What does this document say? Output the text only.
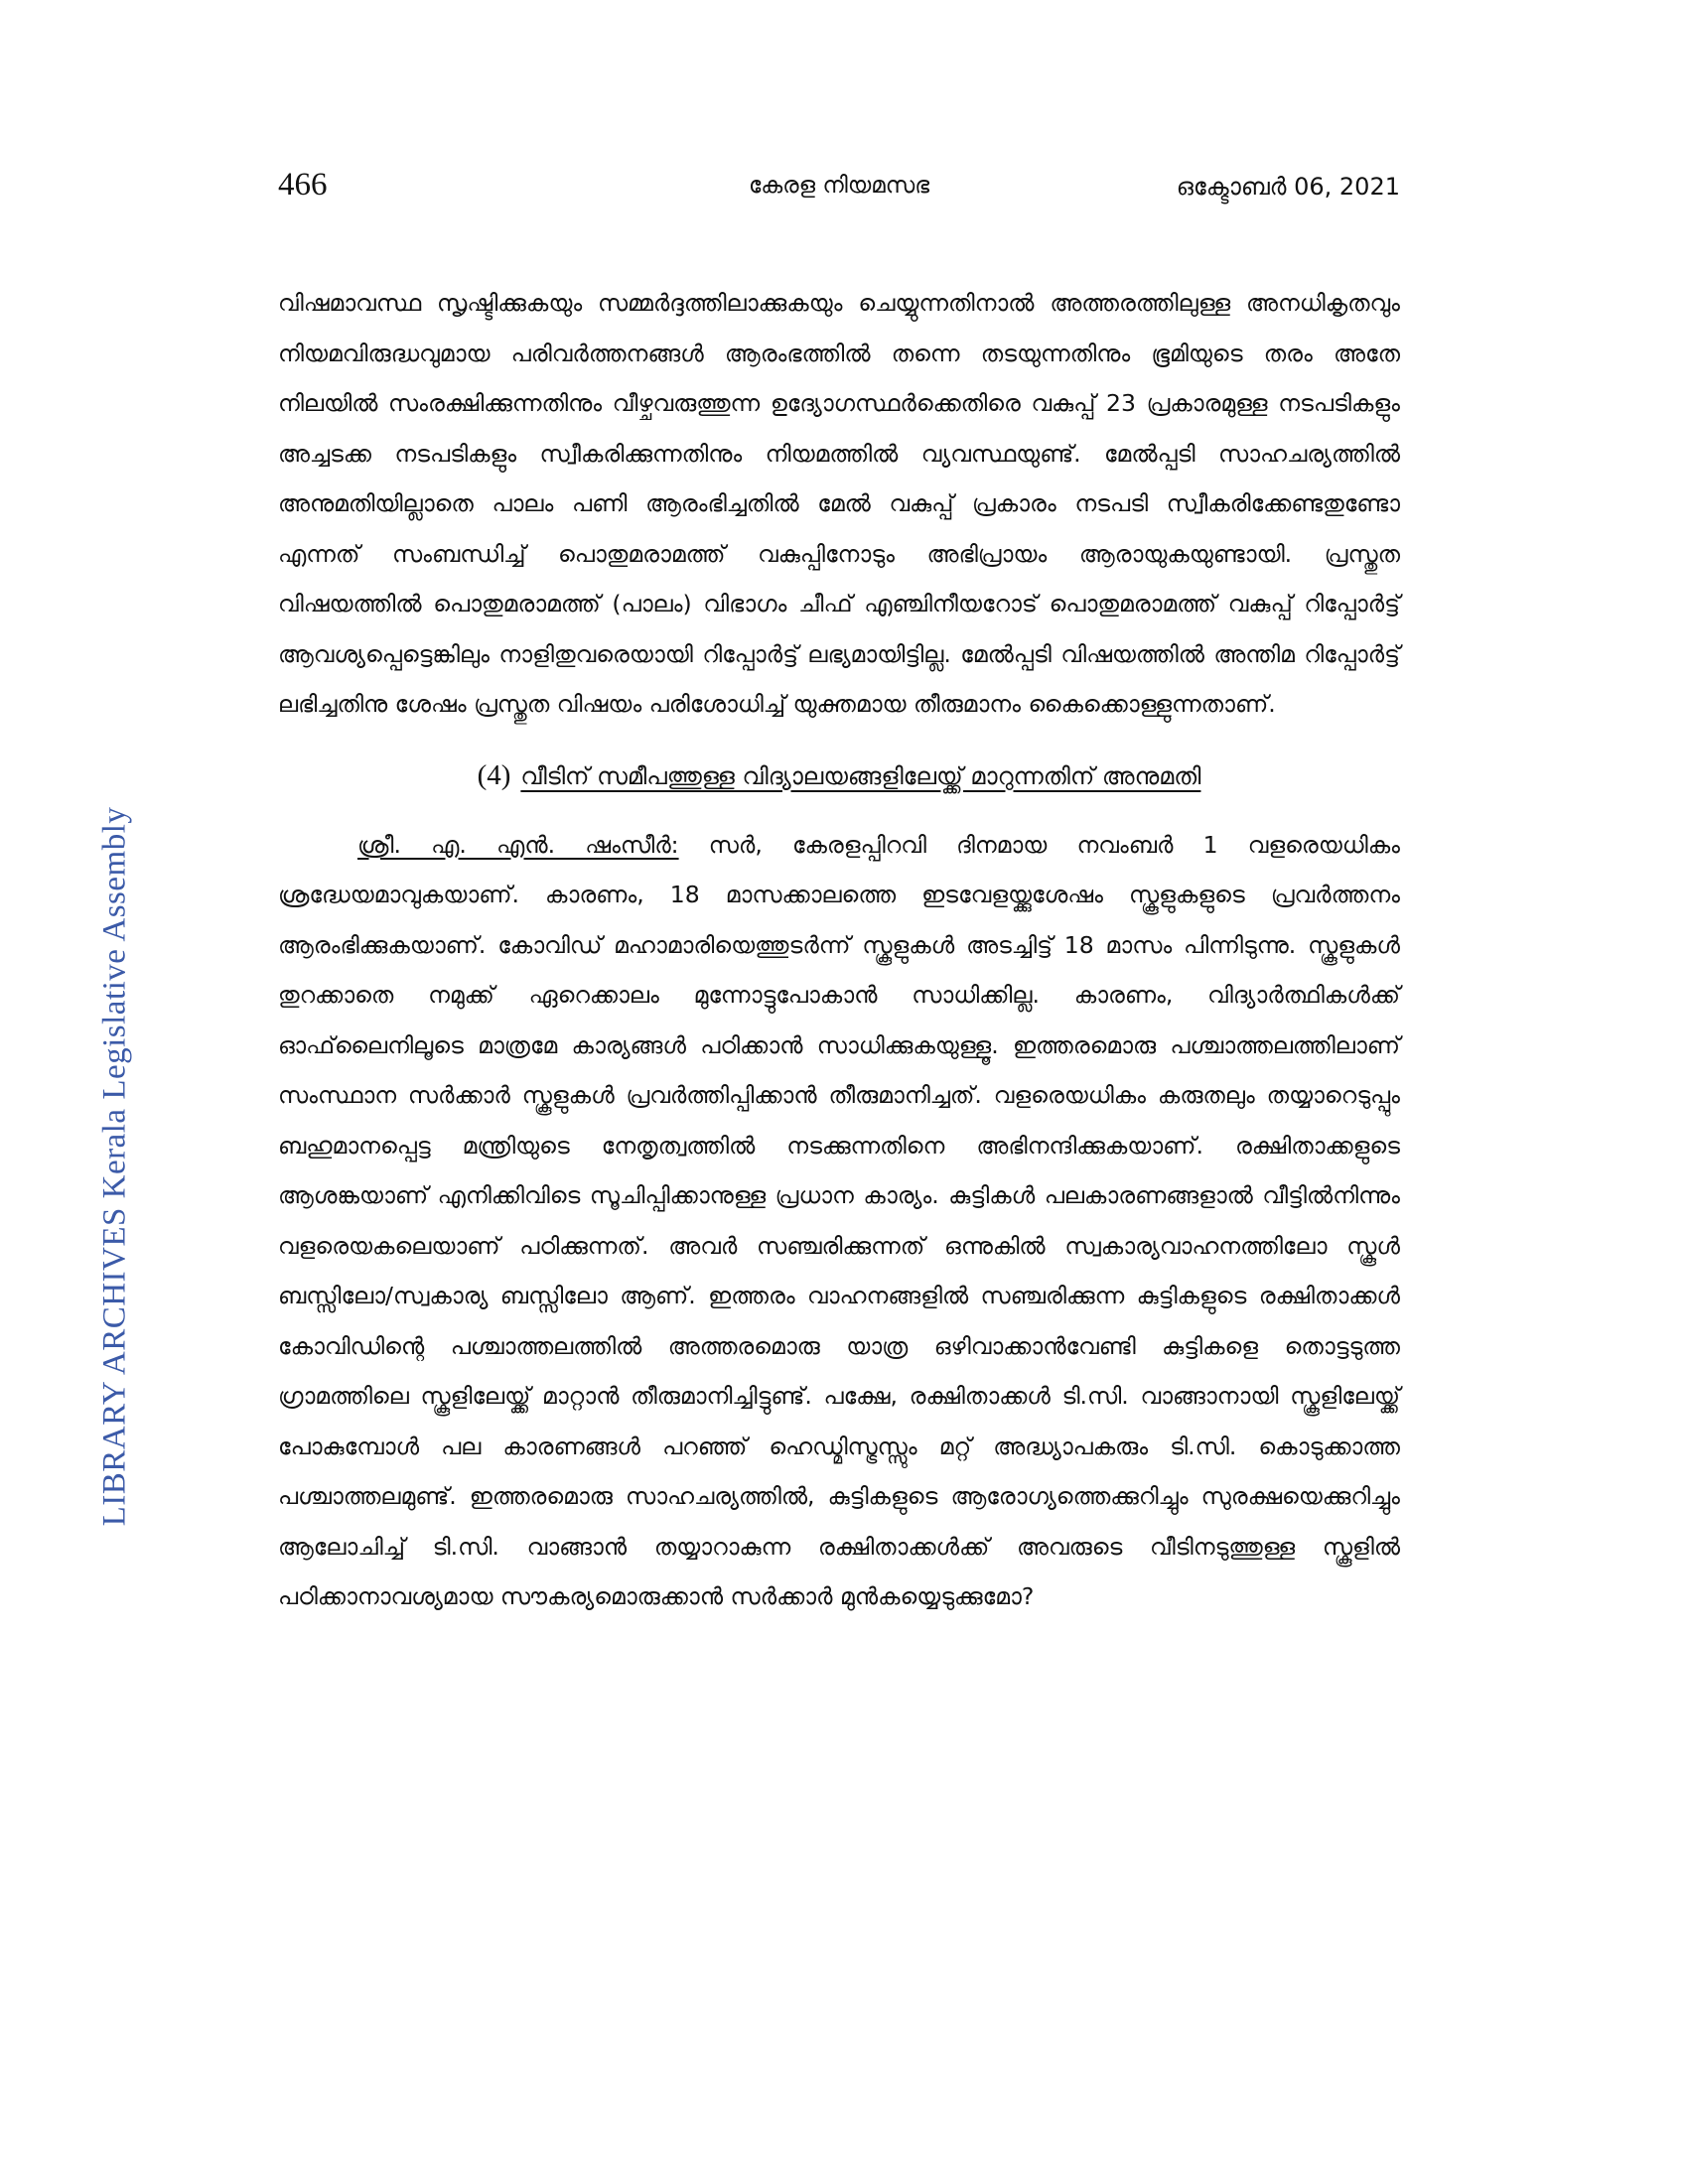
466	കേരള നിയമസഭ	ഒക്ടോബർ 06, 2021
LIBRARY ARCHIVES Kerala Legislative Assembly

വിഷമാവസ്ഥ സൃഷ്ടിക്കുകയും സമ്മർദ്ദത്തിലാക്കുകയും ചെയ്യുന്നതിനാൽ അത്തരത്തിലുള്ള അനധികൃതവും നിയമവിരുദ്ധവുമായ പരിവർത്തനങ്ങൾ ആരംഭത്തിൽ തന്നെ തടയുന്നതിനും ഭൂമിയുടെ തരം അതേ നിലയിൽ സംരക്ഷിക്കുന്നതിനും വീഴ്ചവരുത്തുന്ന ഉദ്യോഗസ്ഥർക്കെതിരെ വകുപ്പ് 23 പ്രകാരമുള്ള നടപടികളും അച്ചടക്ക നടപടികളും സ്വീകരിക്കുന്നതിനും നിയമത്തിൽ വ്യവസ്ഥയുണ്ട്. മേൽപ്പടി സാഹചര്യത്തിൽ അനുമതിയില്ലാതെ പാലം പണി ആരംഭിച്ചതിൽ മേൽ വകുപ്പ് പ്രകാരം നടപടി സ്വീകരിക്കേണ്ടതുണ്ടോ എന്നത് സംബന്ധിച്ച് പൊതുമരാമത്ത് വകുപ്പിനോടും അഭിപ്രായം ആരായുകയുണ്ടായി. പ്രസ്തുത വിഷയത്തിൽ പൊതുമരാമത്ത് (പാലം) വിഭാഗം ചീഫ് എഞ്ചിനീയറോട് പൊതുമരാമത്ത് വകുപ്പ് റിപ്പോർട്ട് ആവശ്യപ്പെട്ടെങ്കിലും നാളിതുവരെയായി റിപ്പോർട്ട് ലഭ്യമായിട്ടില്ല. മേൽപ്പടി വിഷയത്തിൽ അന്തിമ റിപ്പോർട്ട് ലഭിച്ചതിനു ശേഷം പ്രസ്തുത വിഷയം പരിശോധിച്ച് യുക്തമായ തീരുമാനം കൈക്കൊള്ളുന്നതാണ്.

(4) വീടിന് സമീപത്തുള്ള വിദ്യാലയങ്ങളിലേയ്ക്ക് മാറുന്നതിന് അനുമതി

ശ്രീ. എ. എൻ. ഷംസീർ: സർ, കേരളപ്പിറവി ദിനമായ നവംബർ 1 വളരെയധികം ശ്രദ്ധേയമാവുകയാണ്. കാരണം, 18 മാസക്കാലത്തെ ഇടവേളയ്ക്കുശേഷം സ്കൂളുകളുടെ പ്രവർത്തനം ആരംഭിക്കുകയാണ്. കോവിഡ് മഹാമാരിയെത്തുടർന്ന് സ്കൂളുകൾ അടച്ചിട്ട് 18 മാസം പിന്നിടുന്നു. സ്കൂളുകൾ തുറക്കാതെ നമുക്ക് ഏറെക്കാലം മുന്നോട്ടുപോകാൻ സാധിക്കില്ല. കാരണം, വിദ്യാർത്ഥികൾക്ക് ഓഫ്‌ലൈനിലൂടെ മാത്രമേ കാര്യങ്ങൾ പഠിക്കാൻ സാധിക്കുകയുള്ളൂ. ഇത്തരമൊരു പശ്ചാത്തലത്തിലാണ് സംസ്ഥാന സർക്കാർ സ്കൂളുകൾ പ്രവർത്തിപ്പിക്കാൻ തീരുമാനിച്ചത്. വളരെയധികം കരുതലും തയ്യാറെടുപ്പും ബഹുമാനപ്പെട്ട മന്ത്രിയുടെ നേതൃത്വത്തിൽ നടക്കുന്നതിനെ അഭിനന്ദിക്കുകയാണ്. രക്ഷിതാക്കളുടെ ആശങ്കയാണ് എനിക്കിവിടെ സൂചിപ്പിക്കാനുള്ള പ്രധാന കാര്യം. കുട്ടികൾ പലകാരണങ്ങളാൽ വീട്ടിൽനിന്നും വളരെയകലെയാണ് പഠിക്കുന്നത്. അവർ സഞ്ചരിക്കുന്നത് ഒന്നുകിൽ സ്വകാര്യവാഹനത്തിലോ സ്കൂൾ ബസ്സിലോ/സ്വകാര്യ ബസ്സിലോ ആണ്. ഇത്തരം വാഹനങ്ങളിൽ സഞ്ചരിക്കുന്ന കുട്ടികളുടെ രക്ഷിതാക്കൾ കോവിഡിന്റെ പശ്ചാത്തലത്തിൽ അത്തരമൊരു യാത്ര ഒഴിവാക്കാൻവേണ്ടി കുട്ടികളെ തൊട്ടടുത്ത ഗ്രാമത്തിലെ സ്കൂളിലേയ്ക്ക് മാറ്റാൻ തീരുമാനിച്ചിട്ടുണ്ട്. പക്ഷേ, രക്ഷിതാക്കൾ ടി.സി. വാങ്ങാനായി സ്കൂളിലേയ്ക്ക് പോകുമ്പോൾ പല കാരണങ്ങൾ പറഞ്ഞ് ഹെഡ്മിസ്ട്രസ്സും മറ്റ് അദ്ധ്യാപകരും ടി.സി. കൊടുക്കാത്ത പശ്ചാത്തലമുണ്ട്. ഇത്തരമൊരു സാഹചര്യത്തിൽ, കുട്ടികളുടെ ആരോഗ്യത്തെക്കുറിച്ചും സുരക്ഷയെക്കുറിച്ചും ആലോചിച്ച് ടി.സി. വാങ്ങാൻ തയ്യാറാകുന്ന രക്ഷിതാക്കൾക്ക് അവരുടെ വീടിനടുത്തുള്ള സ്കൂളിൽ പഠിക്കാനാവശ്യമായ സൗകര്യമൊരുക്കാൻ സർക്കാർ മുൻകയ്യെടുക്കുമോ?
